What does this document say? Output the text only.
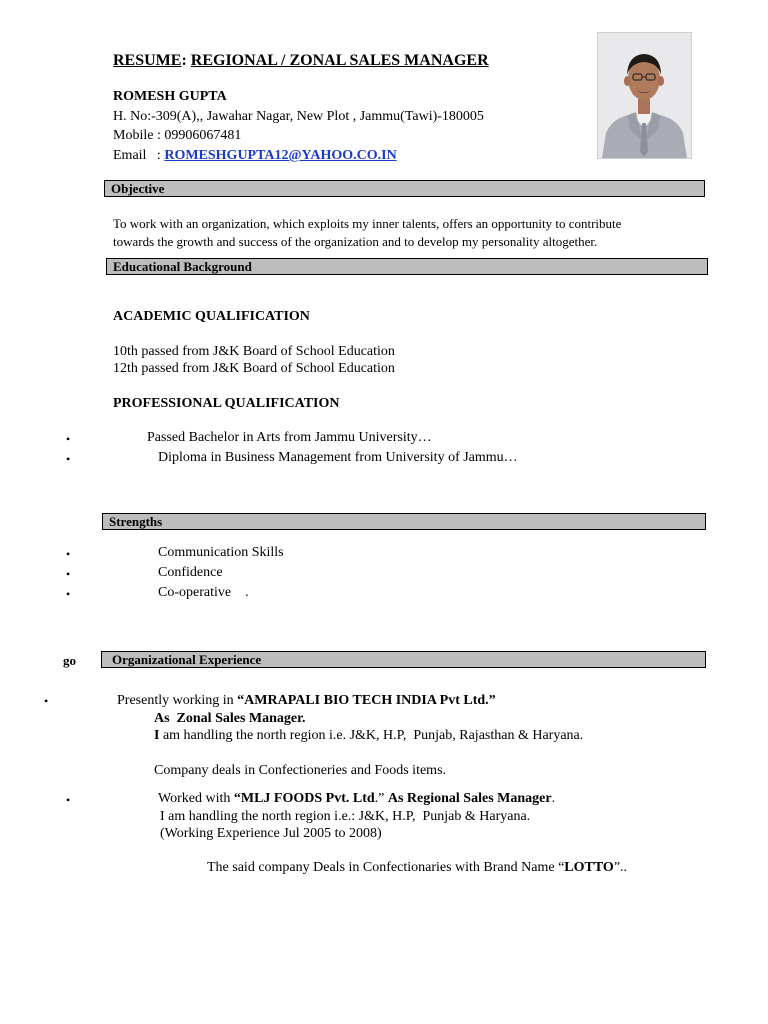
RESUME: REGIONAL / ZONAL SALES MANAGER
ROMESH GUPTA
H. No:-309(A),, Jawahar Nagar, New Plot , Jammu(Tawi)-180005
Mobile : 09906067481
Email   : ROMESHGUPTA12@YAHOO.CO.IN
Objective
To work with an organization, which exploits my inner talents, offers an opportunity to contribute
towards the growth and success of the organization and to develop my personality altogether.
Educational Background
ACADEMIC QUALIFICATION
10th passed from J&K Board of School Education
12th passed from J&K Board of School Education
PROFESSIONAL QUALIFICATION
•	Passed Bachelor in Arts from Jammu University…
•	Diploma in Business Management from University of Jammu…
Strengths
•	Communication Skills
•	Confidence
•	Co-operative    .
go	Organizational Experience
•	Presently working in “AMRAPALI BIO TECH INDIA Pvt Ltd.”
As  Zonal Sales Manager.
I am handling the north region i.e. J&K, H.P,  Punjab, Rajasthan & Haryana.
Company deals in Confectioneries and Foods items.
•	Worked with “MLJ FOODS Pvt. Ltd.” As Regional Sales Manager.
I am handling the north region i.e.: J&K, H.P,  Punjab & Haryana.
(Working Experience Jul 2005 to 2008)
The said company Deals in Confectionaries with Brand Name “LOTTO”..
